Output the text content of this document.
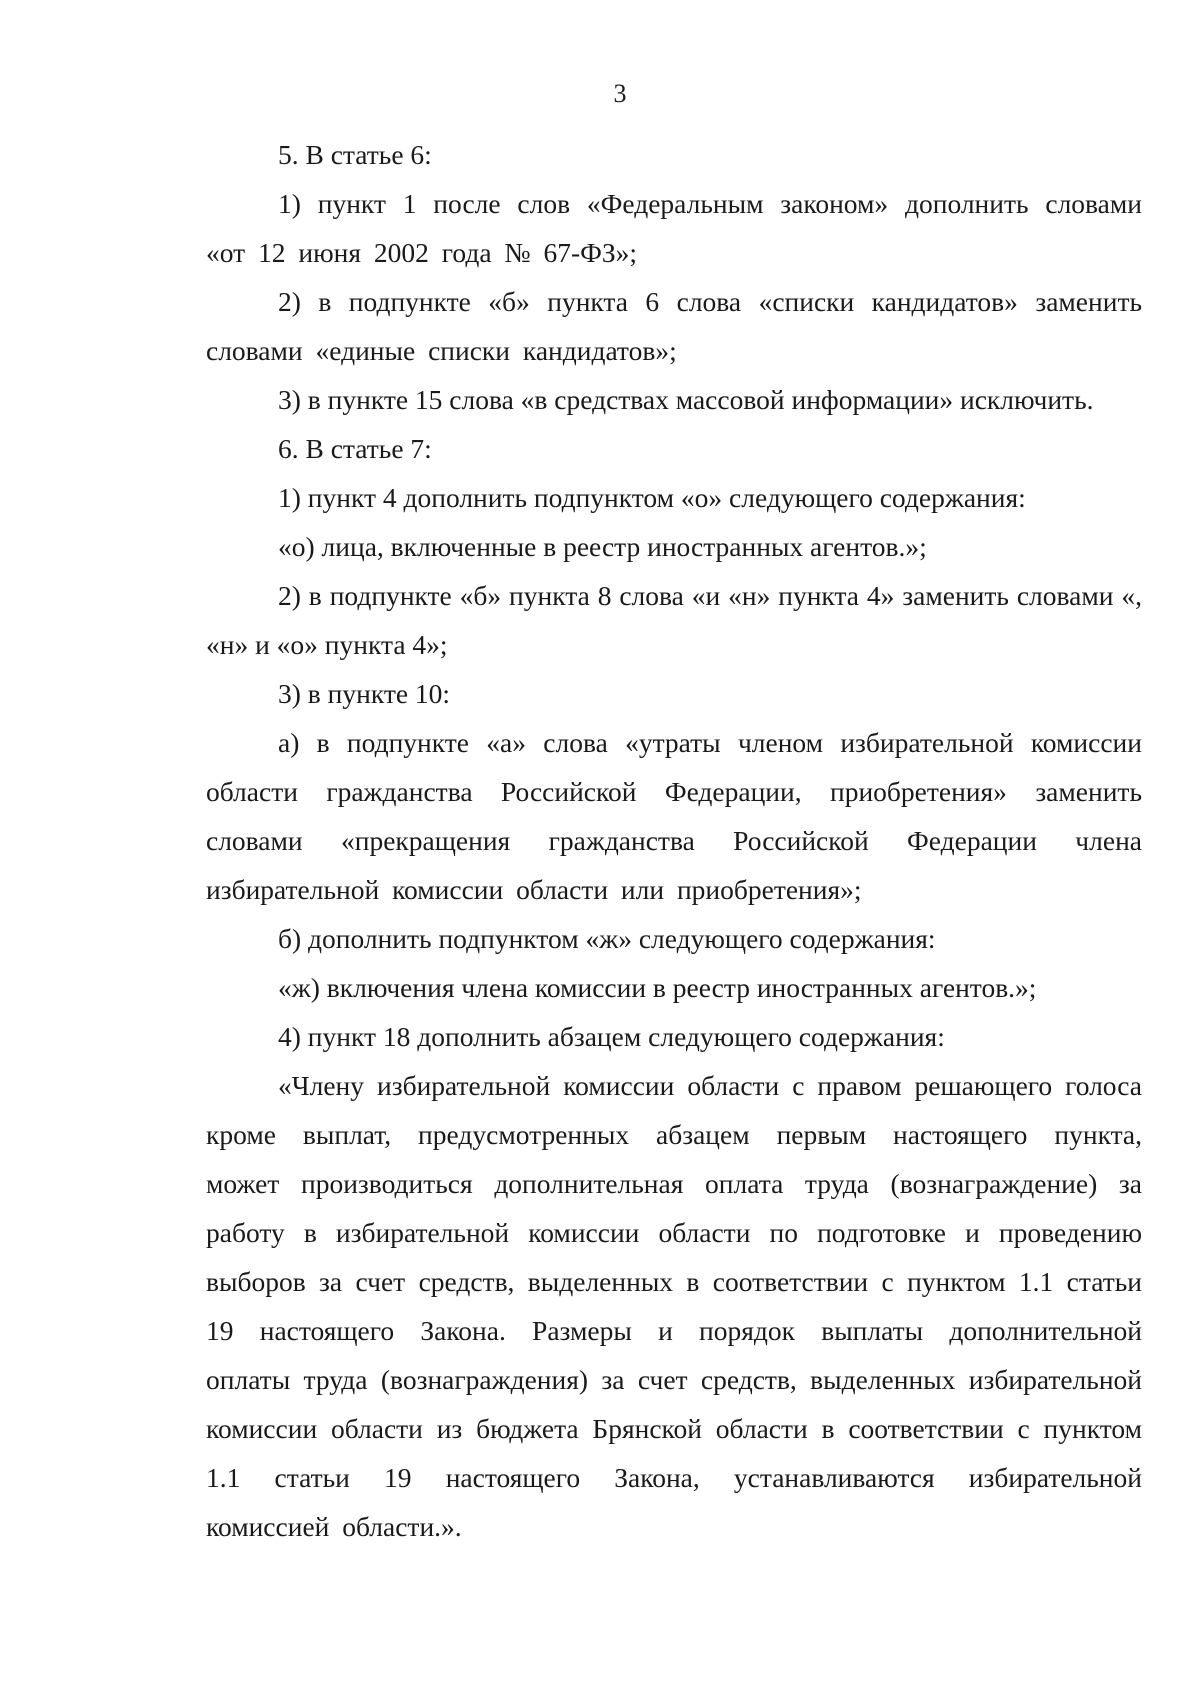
3

5. В статье 6:

1) пункт 1 после слов «Федеральным законом» дополнить словами «от 12 июня 2002 года № 67-ФЗ»;

2) в подпункте «б» пункта 6 слова «списки кандидатов» заменить словами «единые списки кандидатов»;

3) в пункте 15 слова «в средствах массовой информации» исключить.

6. В статье 7:

1) пункт 4 дополнить подпунктом «о» следующего содержания:

«о) лица, включенные в реестр иностранных агентов.»;

2) в подпункте «б» пункта 8 слова «и «н» пункта 4» заменить словами «, «н» и «о» пункта 4»;

3) в пункте 10:

а) в подпункте «а» слова «утраты членом избирательной комиссии области гражданства Российской Федерации, приобретения» заменить словами «прекращения гражданства Российской Федерации члена избирательной комиссии области или приобретения»;

б) дополнить подпунктом «ж» следующего содержания:

«ж) включения члена комиссии в реестр иностранных агентов.»;

4) пункт 18 дополнить абзацем следующего содержания:

«Члену избирательной комиссии области с правом решающего голоса кроме выплат, предусмотренных абзацем первым настоящего пункта, может производиться дополнительная оплата труда (вознаграждение) за работу в избирательной комиссии области по подготовке и проведению выборов за счет средств, выделенных в соответствии с пунктом 1.1 статьи 19 настоящего Закона. Размеры и порядок выплаты дополнительной оплаты труда (вознаграждения) за счет средств, выделенных избирательной комиссии области из бюджета Брянской области в соответствии с пунктом 1.1 статьи 19 настоящего Закона, устанавливаются избирательной комиссией области.».
